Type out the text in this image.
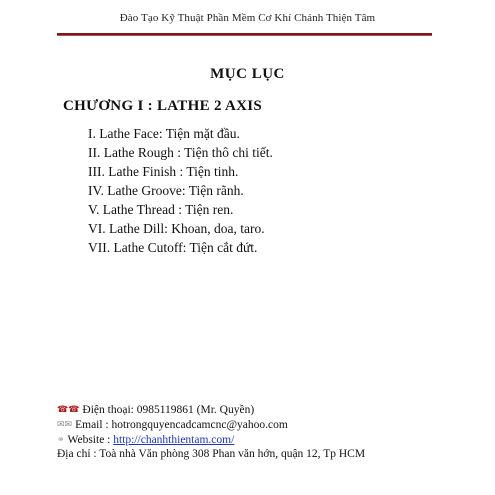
Đào Tạo Kỹ Thuật Phần Mềm Cơ Khí Chánh Thiện Tâm
MỤC LỤC
CHƯƠNG I : LATHE 2 AXIS
I. Lathe Face: Tiện mặt đầu.
II. Lathe Rough : Tiện thô chi tiết.
III. Lathe Finish : Tiện tinh.
IV. Lathe Groove: Tiện rãnh.
V. Lathe Thread : Tiện ren.
VI. Lathe Dill: Khoan, doa, taro.
VII. Lathe Cutoff: Tiện cắt đứt.
☎☎ Điện thoại: 0985119861 (Mr. Quyền)
✉✉ Email : hotrongquyencadcamcnc@yahoo.com
⚭ Website : http://chanhthientam.com/
Địa chỉ : Toà nhà Văn phòng 308 Phan văn hớn, quận 12, Tp HCM
